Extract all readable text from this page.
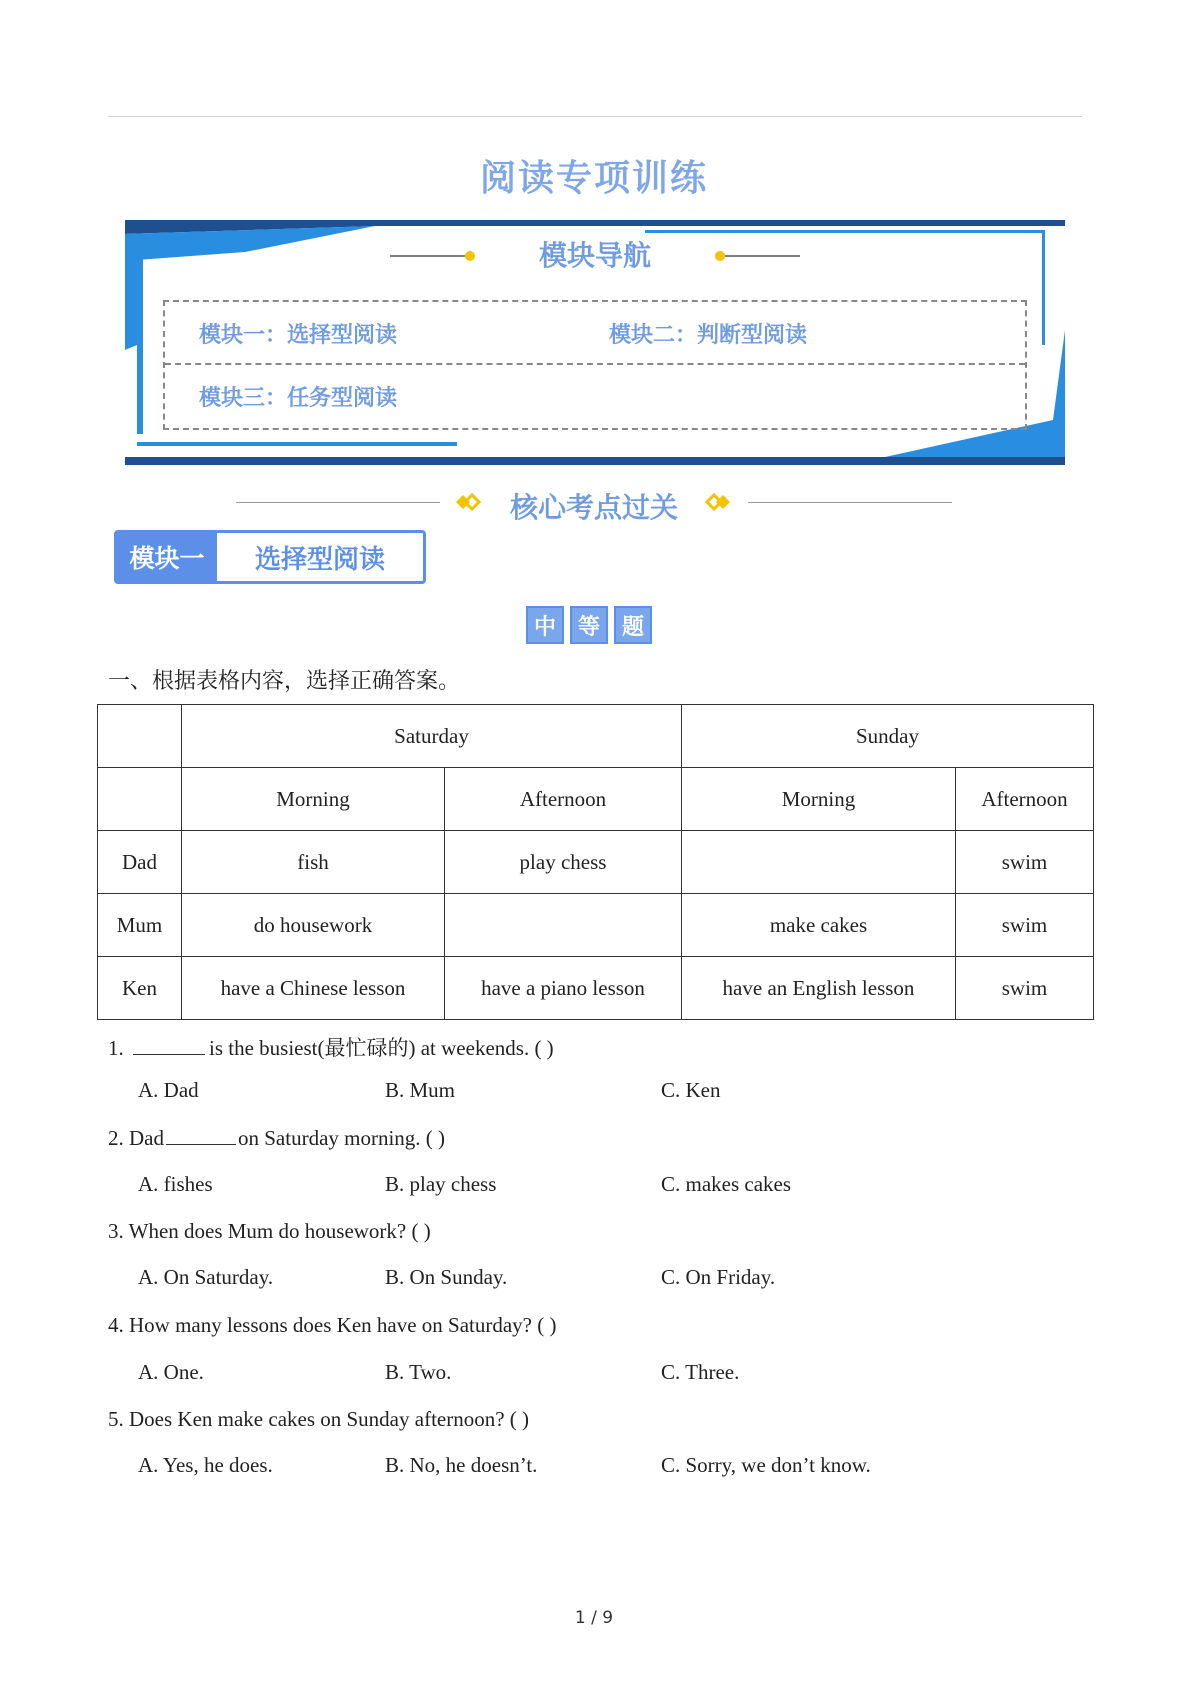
阅读专项训练
模块导航
模块一：选择型阅读	模块二：判断型阅读
模块三：任务型阅读
核心考点过关
模块一	选择型阅读
中 等 题
一、根据表格内容，选择正确答案。
	Saturday		Sunday	
	Morning	Afternoon	Morning	Afternoon
Dad	fish	play chess		swim
Mum	do housework		make cakes	swim
Ken	have a Chinese lesson	have a piano lesson	have an English lesson	swim
1.	is the busiest(最忙碌的) at weekends. ( )
A. Dad	B. Mum	C. Ken
2. Dad	on Saturday morning. ( )
A. fishes	B. play chess	C. makes cakes
3. When does Mum do housework? ( )
A. On Saturday.	B. On Sunday.	C. On Friday.
4. How many lessons does Ken have on Saturday? ( )
A. One.	B. Two.	C. Three.
5. Does Ken make cakes on Sunday afternoon? ( )
A. Yes, he does.	B. No, he doesn’t.	C. Sorry, we don’t know.
1 / 9
